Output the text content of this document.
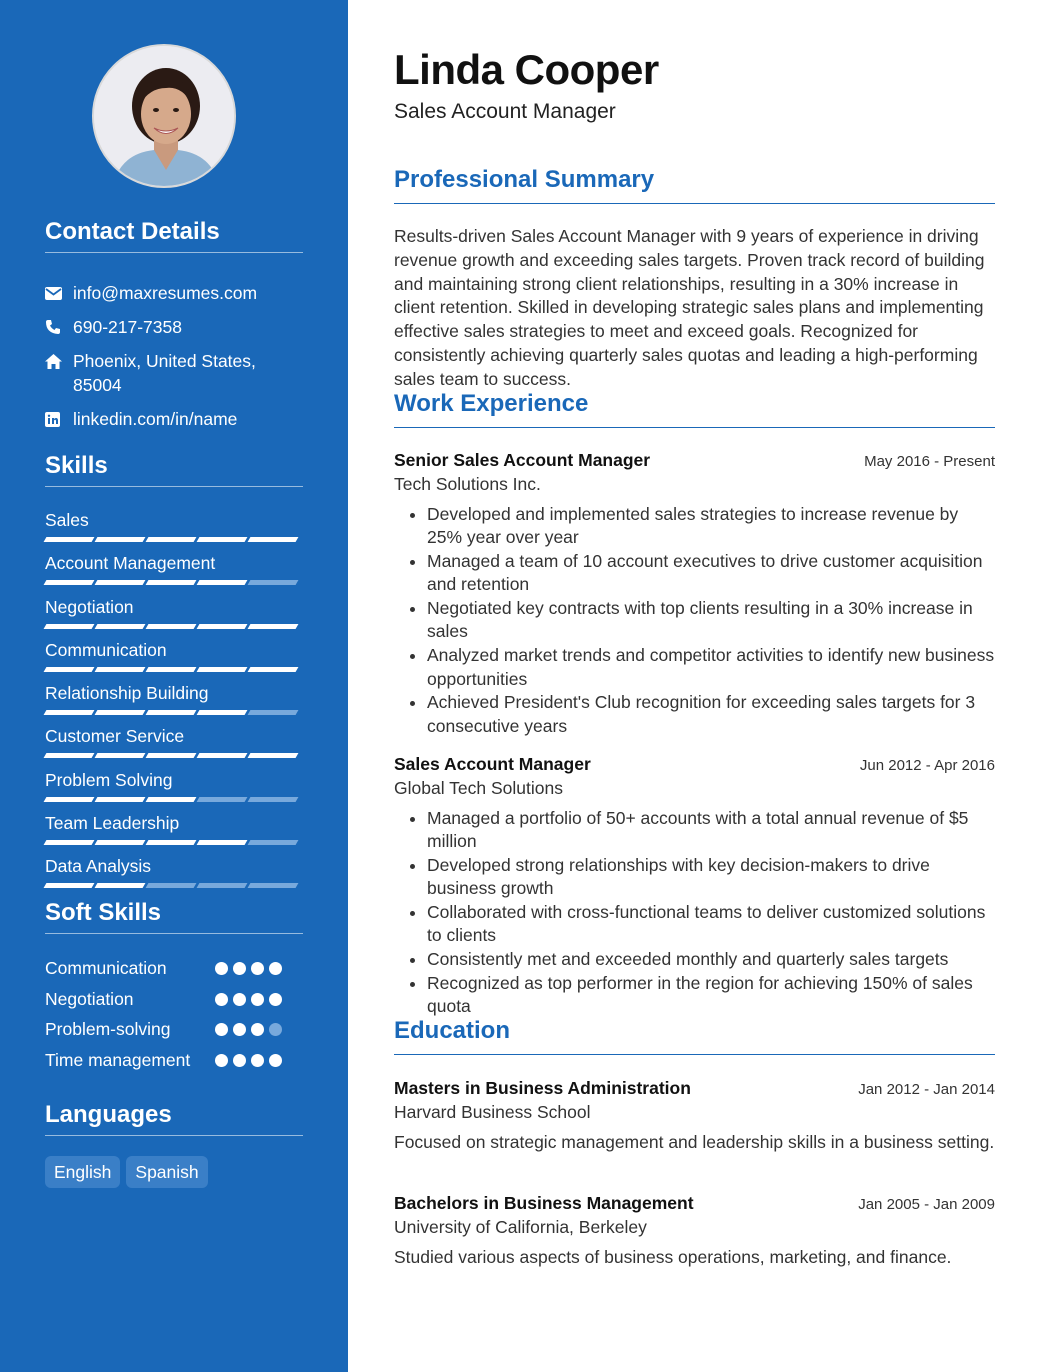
Contact Details
info@maxresumes.com
690-217-7358
Phoenix, United States, 85004
linkedin.com/in/name
Skills
Sales
Account Management
Negotiation
Communication
Relationship Building
Customer Service
Problem Solving
Team Leadership
Data Analysis
Soft Skills
Communication
Negotiation
Problem-solving
Time management
Languages
English	Spanish
Linda Cooper
Sales Account Manager
Professional Summary

Results-driven Sales Account Manager with 9 years of experience in driving revenue growth and exceeding sales targets. Proven track record of building and maintaining strong client relationships, resulting in a 30% increase in client retention. Skilled in developing strategic sales plans and implementing effective sales strategies to meet and exceed goals. Recognized for consistently achieving quarterly sales quotas and leading a high-performing sales team to success.

Work Experience
Senior Sales Account Manager	May 2016 - Present
Tech Solutions Inc.
• Developed and implemented sales strategies to increase revenue by 25% year over year
• Managed a team of 10 account executives to drive customer acquisition and retention
• Negotiated key contracts with top clients resulting in a 30% increase in sales
• Analyzed market trends and competitor activities to identify new business opportunities
• Achieved President's Club recognition for exceeding sales targets for 3 consecutive years
Sales Account Manager	Jun 2012 - Apr 2016
Global Tech Solutions
• Managed a portfolio of 50+ accounts with a total annual revenue of $5 million
• Developed strong relationships with key decision-makers to drive business growth
• Collaborated with cross-functional teams to deliver customized solutions to clients
• Consistently met and exceeded monthly and quarterly sales targets
• Recognized as top performer in the region for achieving 150% of sales quota
Education
Masters in Business Administration	Jan 2012 - Jan 2014
Harvard Business School

Focused on strategic management and leadership skills in a business setting.

Bachelors in Business Management	Jan 2005 - Jan 2009
University of California, Berkeley

Studied various aspects of business operations, marketing, and finance.
